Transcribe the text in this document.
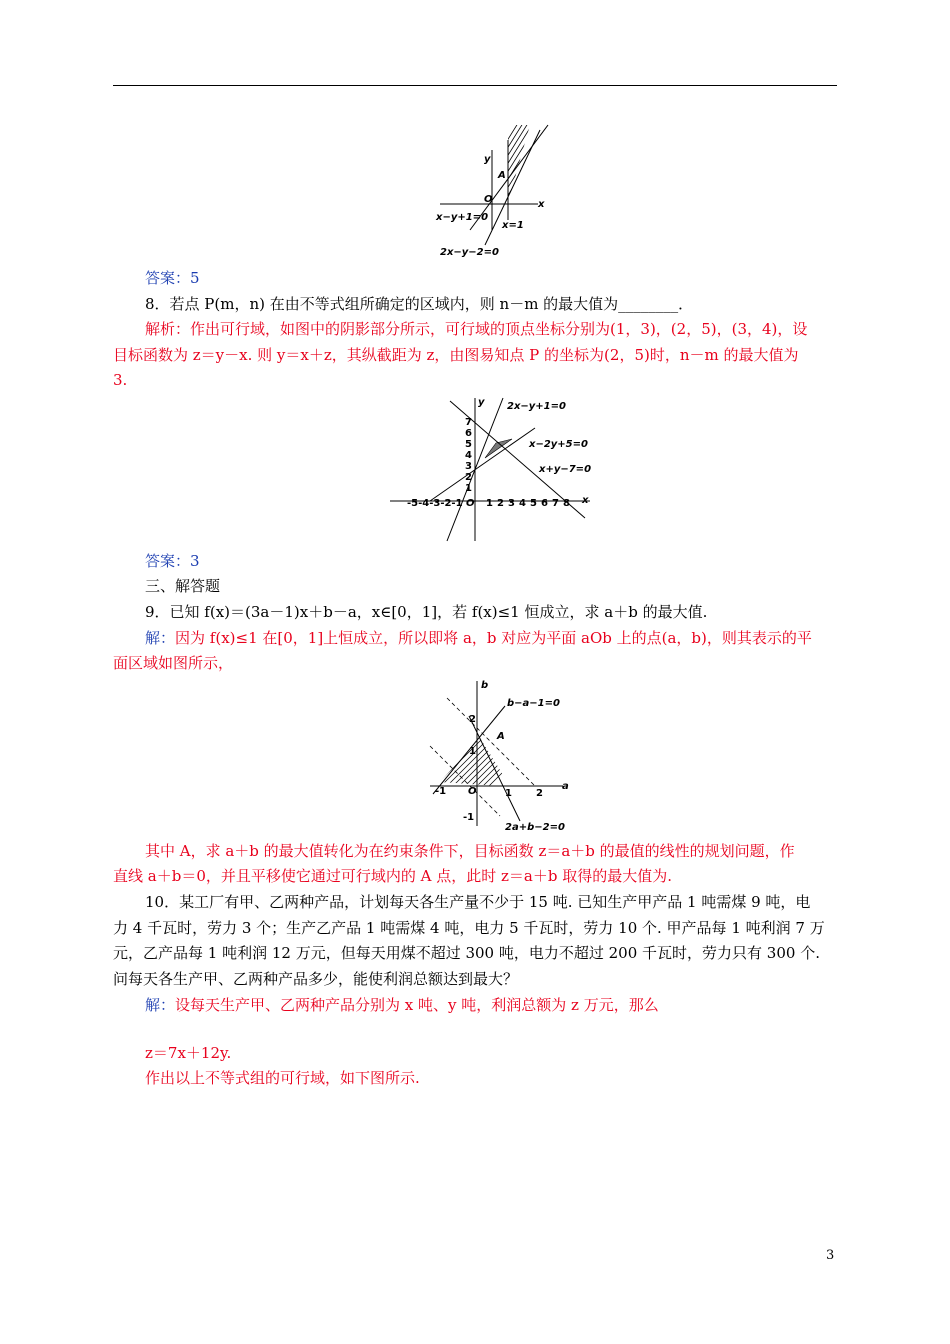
y
x
A
O
x−y+1=0
x=1
2x−y−2=0
答案：5
8．若点 P(m，n) 在由不等式组所确定的区域内，则 n－m 的最大值为________．
解析：作出可行域，如图中的阴影部分所示，可行域的顶点坐标分别为(1，3)，(2，5)，(3，4)，设
目标函数为 z＝y－x. 则 y＝x＋z，其纵截距为 z，由图易知点 P 的坐标为(2，5)时，n－m 的最大值为
3.
y
x
2x−y+1=0
x−2y+5=0
x+y−7=0
7
6
5
4
3
2
1
-5-4-3-2-1 O 1 2 3 4 5 6 7 8
答案：3
三、解答题
9．已知 f(x)＝(3a－1)x＋b－a，x∈[0，1]，若 f(x)≤1 恒成立，求 a＋b 的最大值.
解：因为 f(x)≤1 在[0，1]上恒成立，所以即将 a，b 对应为平面 aOb 上的点(a，b)，则其表示的平
面区域如图所示，
b
a
A
O
b−a−1=0
2a+b−2=0
2
1
-1
-1	1 2
其中 A，求 a＋b 的最大值转化为在约束条件下，目标函数 z＝a＋b 的最值的线性的规划问题，作
直线 a＋b＝0，并且平移使它通过可行域内的 A 点，此时 z＝a＋b 取得的最大值为.
10．某工厂有甲、乙两种产品，计划每天各生产量不少于 15 吨. 已知生产甲产品 1 吨需煤 9 吨，电
力 4 千瓦时，劳力 3 个；生产乙产品 1 吨需煤 4 吨，电力 5 千瓦时，劳力 10 个. 甲产品每 1 吨利润 7 万
元，乙产品每 1 吨利润 12 万元，但每天用煤不超过 300 吨，电力不超过 200 千瓦时，劳力只有 300 个.
问每天各生产甲、乙两种产品多少，能使利润总额达到最大？
解：设每天生产甲、乙两种产品分别为 x 吨、y 吨，利润总额为 z 万元，那么
z＝7x＋12y.
作出以上不等式组的可行域，如下图所示.
3
